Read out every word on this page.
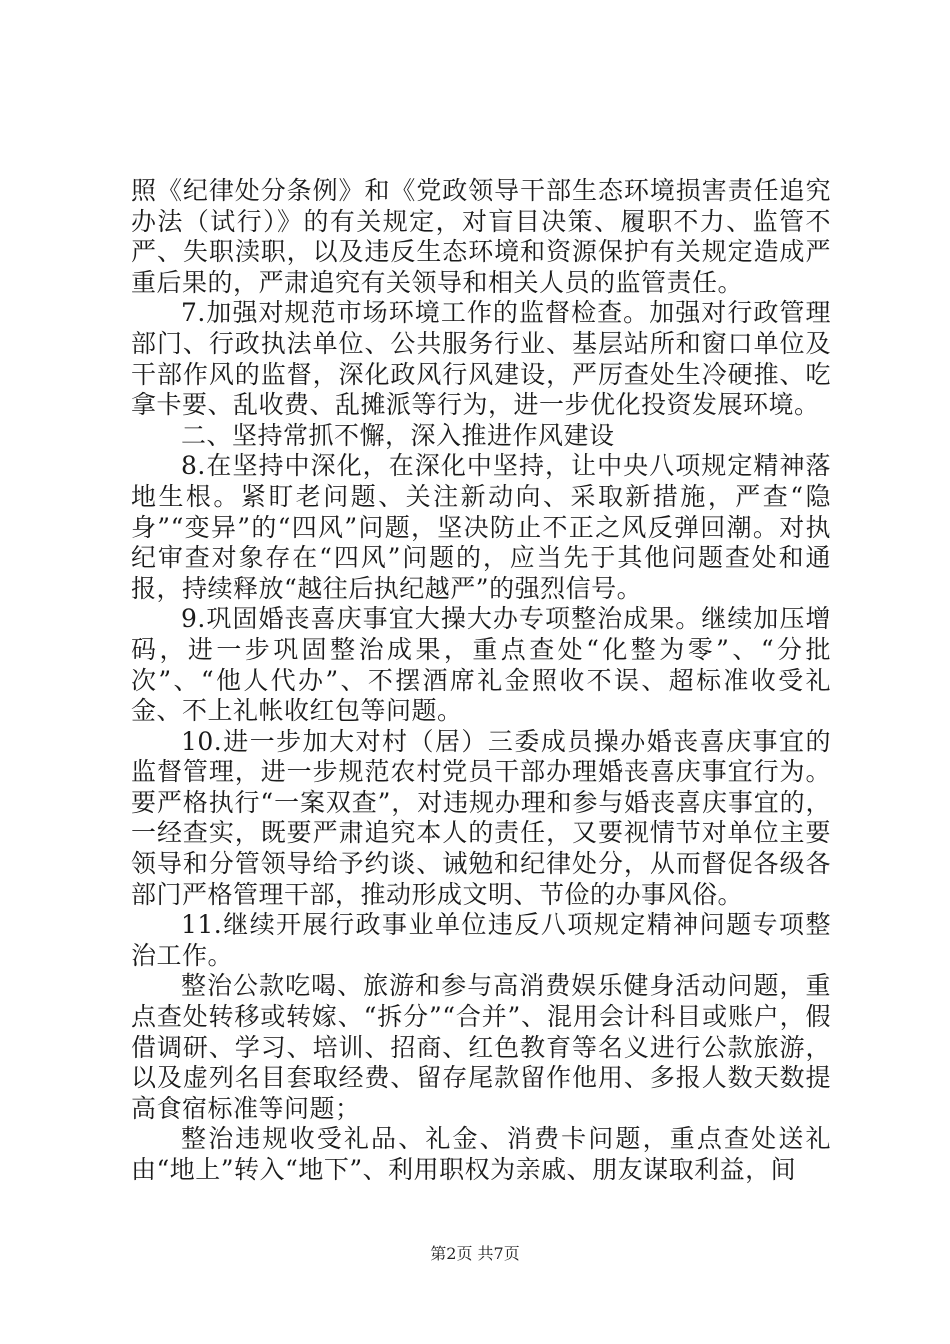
照《纪律处分条例》和《党政领导干部生态环境损害责任追究办法（试行）》的有关规定，对盲目决策、履职不力、监管不严、失职渎职，以及违反生态环境和资源保护有关规定造成严重后果的，严肃追究有关领导和相关人员的监管责任。

7.加强对规范市场环境工作的监督检查。加强对行政管理部门、行政执法单位、公共服务行业、基层站所和窗口单位及干部作风的监督，深化政风行风建设，严厉查处生冷硬推、吃拿卡要、乱收费、乱摊派等行为，进一步优化投资发展环境。

二、坚持常抓不懈，深入推进作风建设

8.在坚持中深化，在深化中坚持，让中央八项规定精神落地生根。紧盯老问题、关注新动向、采取新措施，严查“隐身”“变异”的“四风”问题，坚决防止不正之风反弹回潮。对执纪审查对象存在“四风”问题的，应当先于其他问题查处和通报，持续释放“越往后执纪越严”的强烈信号。

9.巩固婚丧喜庆事宜大操大办专项整治成果。继续加压增码，进一步巩固整治成果，重点查处“化整为零”、“分批次”、“他人代办”、不摆酒席礼金照收不误、超标准收受礼金、不上礼帐收红包等问题。

10.进一步加大对村（居）三委成员操办婚丧喜庆事宜的监督管理，进一步规范农村党员干部办理婚丧喜庆事宜行为。要严格执行“一案双查”，对违规办理和参与婚丧喜庆事宜的，一经查实，既要严肃追究本人的责任，又要视情节对单位主要领导和分管领导给予约谈、诫勉和纪律处分，从而督促各级各部门严格管理干部，推动形成文明、节俭的办事风俗。

11.继续开展行政事业单位违反八项规定精神问题专项整治工作。

整治公款吃喝、旅游和参与高消费娱乐健身活动问题，重点查处转移或转嫁、“拆分”“合并”、混用会计科目或账户，假借调研、学习、培训、招商、红色教育等名义进行公款旅游，以及虚列名目套取经费、留存尾款留作他用、多报人数天数提高食宿标准等问题；

整治违规收受礼品、礼金、消费卡问题，重点查处送礼由“地上”转入“地下”、利用职权为亲戚、朋友谋取利益，间

第2页 共7页
